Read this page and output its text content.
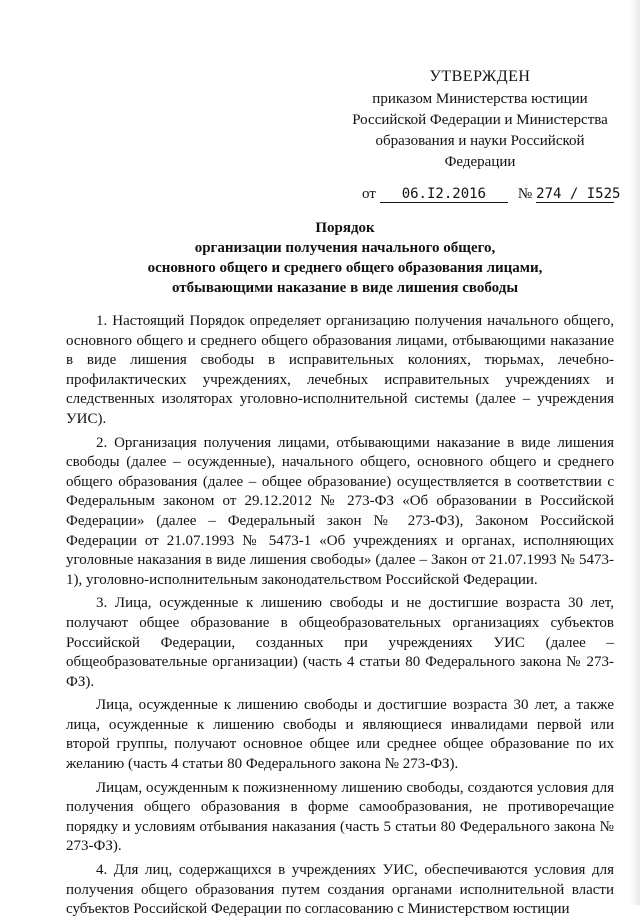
УТВЕРЖДЕН
приказом Министерства юстиции
Российской Федерации и Министерства
образования и науки Российской
Федерации
от 06.I2.2016 № 274 / I525
Порядок
организации получения начального общего,
основного общего и среднего общего образования лицами,
отбывающими наказание в виде лишения свободы

1. Настоящий Порядок определяет организацию получения начального общего, основного общего и среднего общего образования лицами, отбывающими наказание в виде лишения свободы в исправительных колониях, тюрьмах, лечебно-профилактических учреждениях, лечебных исправительных учреждениях и следственных изоляторах уголовно-исполнительной системы (далее – учреждения УИС).

2. Организация получения лицами, отбывающими наказание в виде лишения свободы (далее – осужденные), начального общего, основного общего и среднего общего образования (далее – общее образование) осуществляется в соответствии с Федеральным законом от 29.12.2012 № 273-ФЗ «Об образовании в Российской Федерации» (далее – Федеральный закон № 273-ФЗ), Законом Российской Федерации от 21.07.1993 № 5473-1 «Об учреждениях и органах, исполняющих уголовные наказания в виде лишения свободы» (далее – Закон от 21.07.1993 № 5473-1), уголовно-исполнительным законодательством Российской Федерации.

3. Лица, осужденные к лишению свободы и не достигшие возраста 30 лет, получают общее образование в общеобразовательных организациях субъектов Российской Федерации, созданных при учреждениях УИС (далее – общеобразовательные организации) (часть 4 статьи 80 Федерального закона № 273-ФЗ).

Лица, осужденные к лишению свободы и достигшие возраста 30 лет, а также лица, осужденные к лишению свободы и являющиеся инвалидами первой или второй группы, получают основное общее или среднее общее образование по их желанию (часть 4 статьи 80 Федерального закона № 273-ФЗ).

Лицам, осужденным к пожизненному лишению свободы, создаются условия для получения общего образования в форме самообразования, не противоречащие порядку и условиям отбывания наказания (часть 5 статьи 80 Федерального закона № 273-ФЗ).

4. Для лиц, содержащихся в учреждениях УИС, обеспечиваются условия для получения общего образования путем создания органами исполнительной власти субъектов Российской Федерации по согласованию с Министерством юстиции
